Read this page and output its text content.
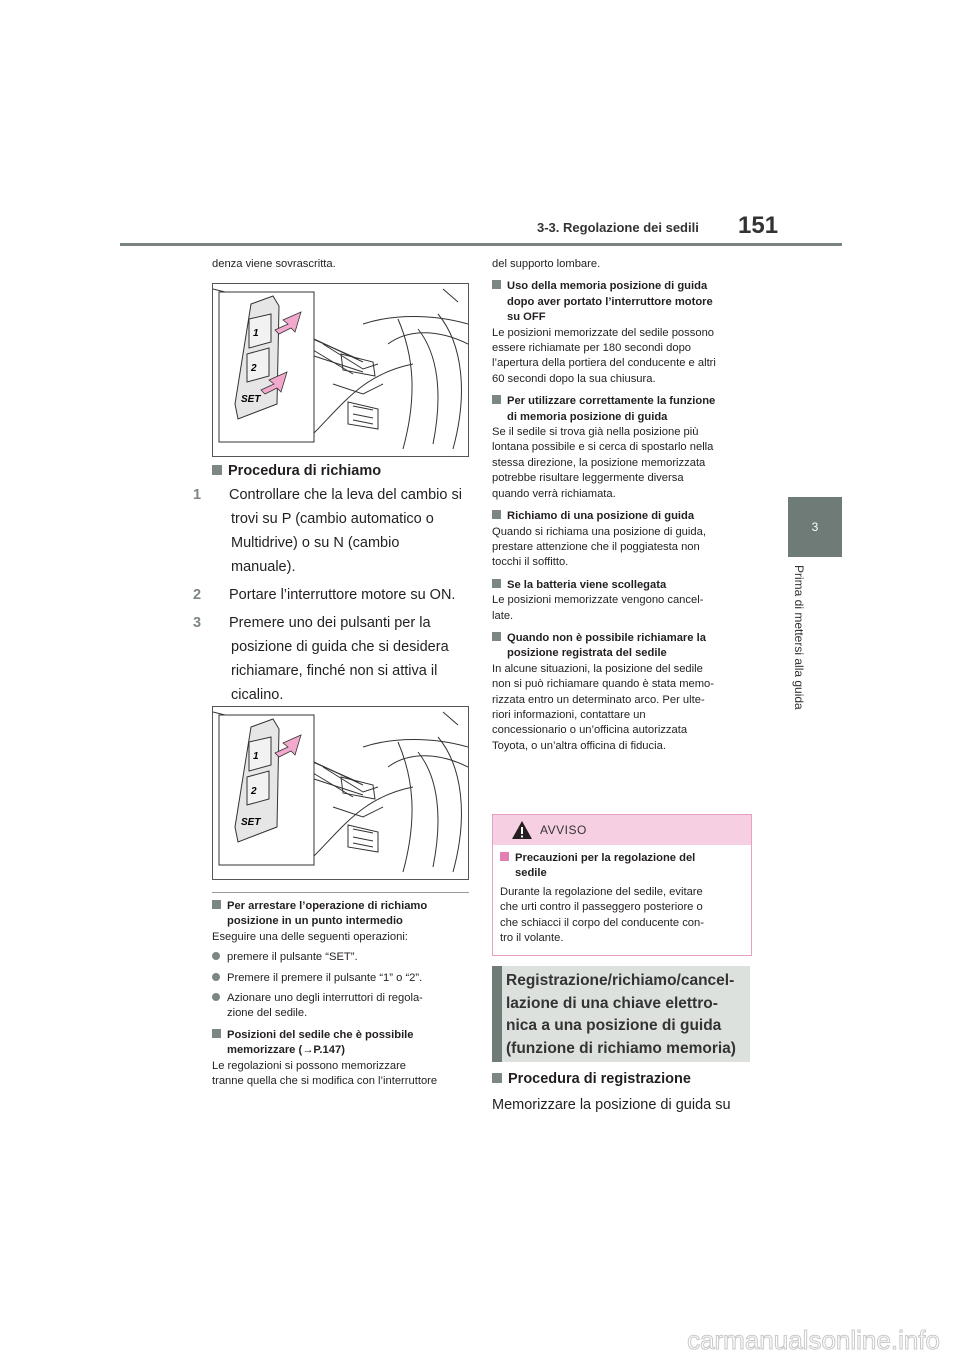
3-3. Regolazione dei sedili 151
3
Prima di mettersi alla guida
denza viene sovrascritta.
1
2
SET
Procedura di richiamo
1 Controllare che la leva del cambio si
trovi su P (cambio automatico o
Multidrive) o su N (cambio
manuale).
2 Portare l’interruttore motore su ON.
3 Premere uno dei pulsanti per la
posizione di guida che si desidera
richiamare, finché non si attiva il
cicalino.
1
2
SET
Per arrestare l’operazione di richiamo
posizione in un punto intermedio
Eseguire una delle seguenti operazioni:
premere il pulsante “SET”.
Premere il premere il pulsante “1” o “2”.
Azionare uno degli interruttori di regola-
zione del sedile.
Posizioni del sedile che è possibile
memorizzare (→P.147)
Le regolazioni si possono memorizzare
tranne quella che si modifica con l’interruttore
del supporto lombare.
Uso della memoria posizione di guida
dopo aver portato l’interruttore motore
su OFF
Le posizioni memorizzate del sedile possono
essere richiamate per 180 secondi dopo
l’apertura della portiera del conducente e altri
60 secondi dopo la sua chiusura.
Per utilizzare correttamente la funzione
di memoria posizione di guida
Se il sedile si trova già nella posizione più
lontana possibile e si cerca di spostarlo nella
stessa direzione, la posizione memorizzata
potrebbe risultare leggermente diversa
quando verrà richiamata.
Richiamo di una posizione di guida
Quando si richiama una posizione di guida,
prestare attenzione che il poggiatesta non
tocchi il soffitto.
Se la batteria viene scollegata
Le posizioni memorizzate vengono cancel-
late.
Quando non è possibile richiamare la
posizione registrata del sedile
In alcune situazioni, la posizione del sedile
non si può richiamare quando è stata memo-
rizzata entro un determinato arco. Per ulte-
riori informazioni, contattare un
concessionario o un’officina autorizzata
Toyota, o un’altra officina di fiducia.
AVVISO
Precauzioni per la regolazione del
sedile
Durante la regolazione del sedile, evitare
che urti contro il passeggero posteriore o
che schiacci il corpo del conducente con-
tro il volante.
Registrazione/richiamo/cancel-
lazione di una chiave elettro-
nica a una posizione di guida
(funzione di richiamo memoria)
Procedura di registrazione
Memorizzare la posizione di guida su
carmanualsonline.info
